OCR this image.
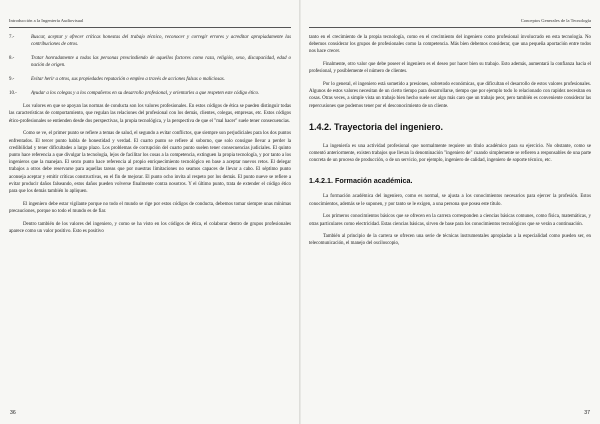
Introducción a la Ingeniería Audiovisual
7.-	Buscar, aceptar y ofrecer críticas honestas del trabajo técnico, reconocer y corregir errores y acreditar apropiadamente las contribuciones de otros.
8.-	Tratar honradamente a todas las personas prescindiendo de aquellos factores como raza, religión, sexo, discapacidad, edad o nación de origen.
9.-	Evitar herir a otros, sus propiedades reputación o empleo a través de acciones falsas o maliciosas.
10.-	Ayudar a los colegas y a los compañeros en su desarrollo profesional, y orientarles a que respeten este código ético.

Los valores en que se apoyan las normas de conducta son los valores profesionales. En estos códigos de ética se pueden distinguir todas las características de comportamiento, que regulan las relaciones del profesional con los demás, clientes, colegas, empresas, etc. Estos códigos ético-profesionales se entienden desde dos perspectivas, la propia tecnológica, y la perspectiva de que el "mal hacer" suele tener consecuencias.

Como se ve, el primer punto se refiere a temas de salud, el segundo a evitar conflictos, que siempre son perjudiciales para los dos puntos enfrentados. El tercer punto habla de honestidad y verdad. El cuarto punto se refiere al soborno, que solo consigue llevar a perder la credibilidad y tener dificultades a largo plazo. Los problemas de corrupción del cuarto punto suelen tener consecuencias judiciales. El quinto punto hace referencia a que divulgar la tecnología, lejos de facilitar los cosas a la competencia, extinguen la propia tecnología, y por tanto a los ingenieros que la manejan. El sexto punto hace referencia al propio enriquecimiento tecnológico en base a aceptar nuevos retos. El delegar trabajos a otros debe reservarse para aquellas tareas que por nuestras limitaciones no seamos capaces de llevar a cabo. El séptimo punto aconseja aceptar y emitir críticas constructivas, en el fin de mejorar. El punto ocho invita al respeto por los demás. El punto nueve se refiere a evitar producir daños falseando, estos daños pueden volverse finalmente contra nosotros. Y el último punto, trata de extender el código ético para que los demás también lo apliquen.

El ingeniero debe estar vigilante porque no todo el mundo se rige por estos códigos de conducta, debemos tomar siempre unas mínimas precauciones, porque no todo el mundo es de fiar.

Dentro también de los valores del ingeniero, y como se ha visto en los códigos de ética, el colaborar dentro de grupos profesionales aparece como un valor positivo. Esto es positivo

36
Conceptos Generales de la Tecnología

tanto en el crecimiento de la propia tecnología, como en el crecimiento del ingeniero como profesional involucrado en esta tecnología. No debemos considerar los grupos de profesionales como la competencia. Más bien debemos considerar, que una pequeña aportación entre todos nos hace crecer.

Finalmente, otro valor que debe poseer el ingeniero es el deseo por hacer bien su trabajo. Esto además, aumentará la confianza hacia el profesional, y posiblemente el número de clientes.

Por lo general, el ingeniero está sometido a presiones, sobretodo económicas, que dificultan el desarrollo de estos valores profesionales. Algunos de estos valores necesitan de un cierto tiempo para desarrollarse, tiempo que por ejemplo todo lo relacionado con rapidez necesitan en cosas. Otras veces, a simple vista un trabajo bien hecho suele ser algo más caro que un trabajo peor, pero también es conveniente considerar las repercusiones que podemos tener por el desconocimiento de un cliente.

1.4.2. Trayectoria del ingeniero.

La ingeniería es una actividad profesional que normalmente requiere un título académico para su ejercicio. No obstante, como se comentó anteriormente, existen trabajos que llevan la denominación "ingeniero de" cuando simplemente se refieren a responsables de una parte concreta de un proceso de producción, o de un servicio, por ejemplo, ingeniero de calidad, ingeniero de soporte técnico, etc.

1.4.2.1. Formación académica.

La formación académica del ingeniero, como es normal, se ajusta a los conocimientos necesarios para ejercer la profesión. Estos conocimientos, además se le suponen, y por tanto se le exigen, a una persona que posea este título.

Los primeros conocimientos básicos que se ofrecen en la carrera corresponden a ciencias básicas comunes, como física, matemáticas, y otras particulares como electricidad. Estas ciencias básicas, sirven de base para los conocimientos tecnológicos que se verán a continuación.

También al principio de la carrera se ofrecen una serie de técnicas instrumentales apropiadas a la especialidad como pueden ser, en telecomunicación, el manejo del osciloscopio,

37
